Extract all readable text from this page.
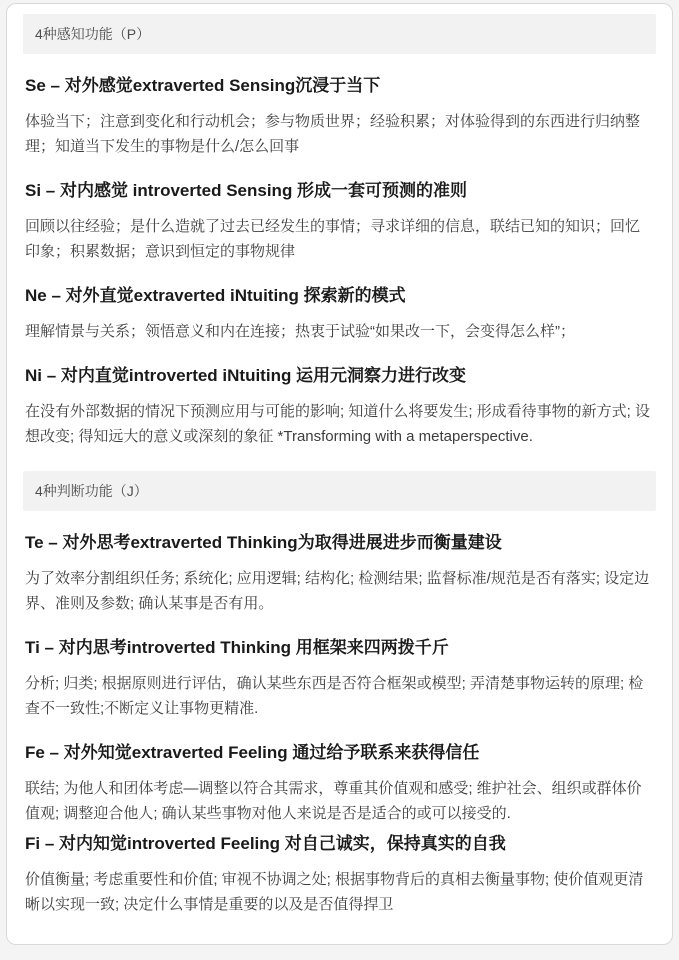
4种感知功能（P）
Se – 对外感觉extraverted Sensing沉浸于当下

体验当下；注意到变化和行动机会；参与物质世界；经验积累；对体验得到的东西进行归纳整理；知道当下发生的事物是什么/怎么回事

Si – 对内感觉 introverted Sensing 形成一套可预测的准则

回顾以往经验；是什么造就了过去已经发生的事情；寻求详细的信息，联结已知的知识；回忆印象；积累数据；意识到恒定的事物规律

Ne – 对外直觉extraverted iNtuiting 探索新的模式

理解情景与关系；领悟意义和内在连接；热衷于试验“如果改一下，会变得怎么样”；

Ni – 对内直觉introverted iNtuiting 运用元洞察力进行改变

在没有外部数据的情况下预测应用与可能的影响; 知道什么将要发生; 形成看待事物的新方式; 设想改变; 得知远大的意义或深刻的象征 *Transforming with a metaperspective.

4种判断功能（J）
Te – 对外思考extraverted Thinking为取得进展进步而衡量建设

为了效率分割组织任务; 系统化; 应用逻辑; 结构化; 检测结果; 监督标准/规范是否有落实; 设定边界、准则及参数; 确认某事是否有用。

Ti – 对内思考introverted Thinking 用框架来四两拨千斤

分析; 归类; 根据原则进行评估，确认某些东西是否符合框架或模型; 弄清楚事物运转的原理; 检查不一致性;不断定义让事物更精准.

Fe – 对外知觉extraverted Feeling 通过给予联系来获得信任

联结; 为他人和团体考虑—调整以符合其需求，尊重其价值观和感受; 维护社会、组织或群体价值观; 调整迎合他人; 确认某些事物对他人来说是否是适合的或可以接受的.

Fi – 对内知觉introverted Feeling 对自己诚实，保持真实的自我

价值衡量; 考虑重要性和价值; 审视不协调之处; 根据事物背后的真相去衡量事物; 使价值观更清晰以实现一致; 决定什么事情是重要的以及是否值得捍卫
